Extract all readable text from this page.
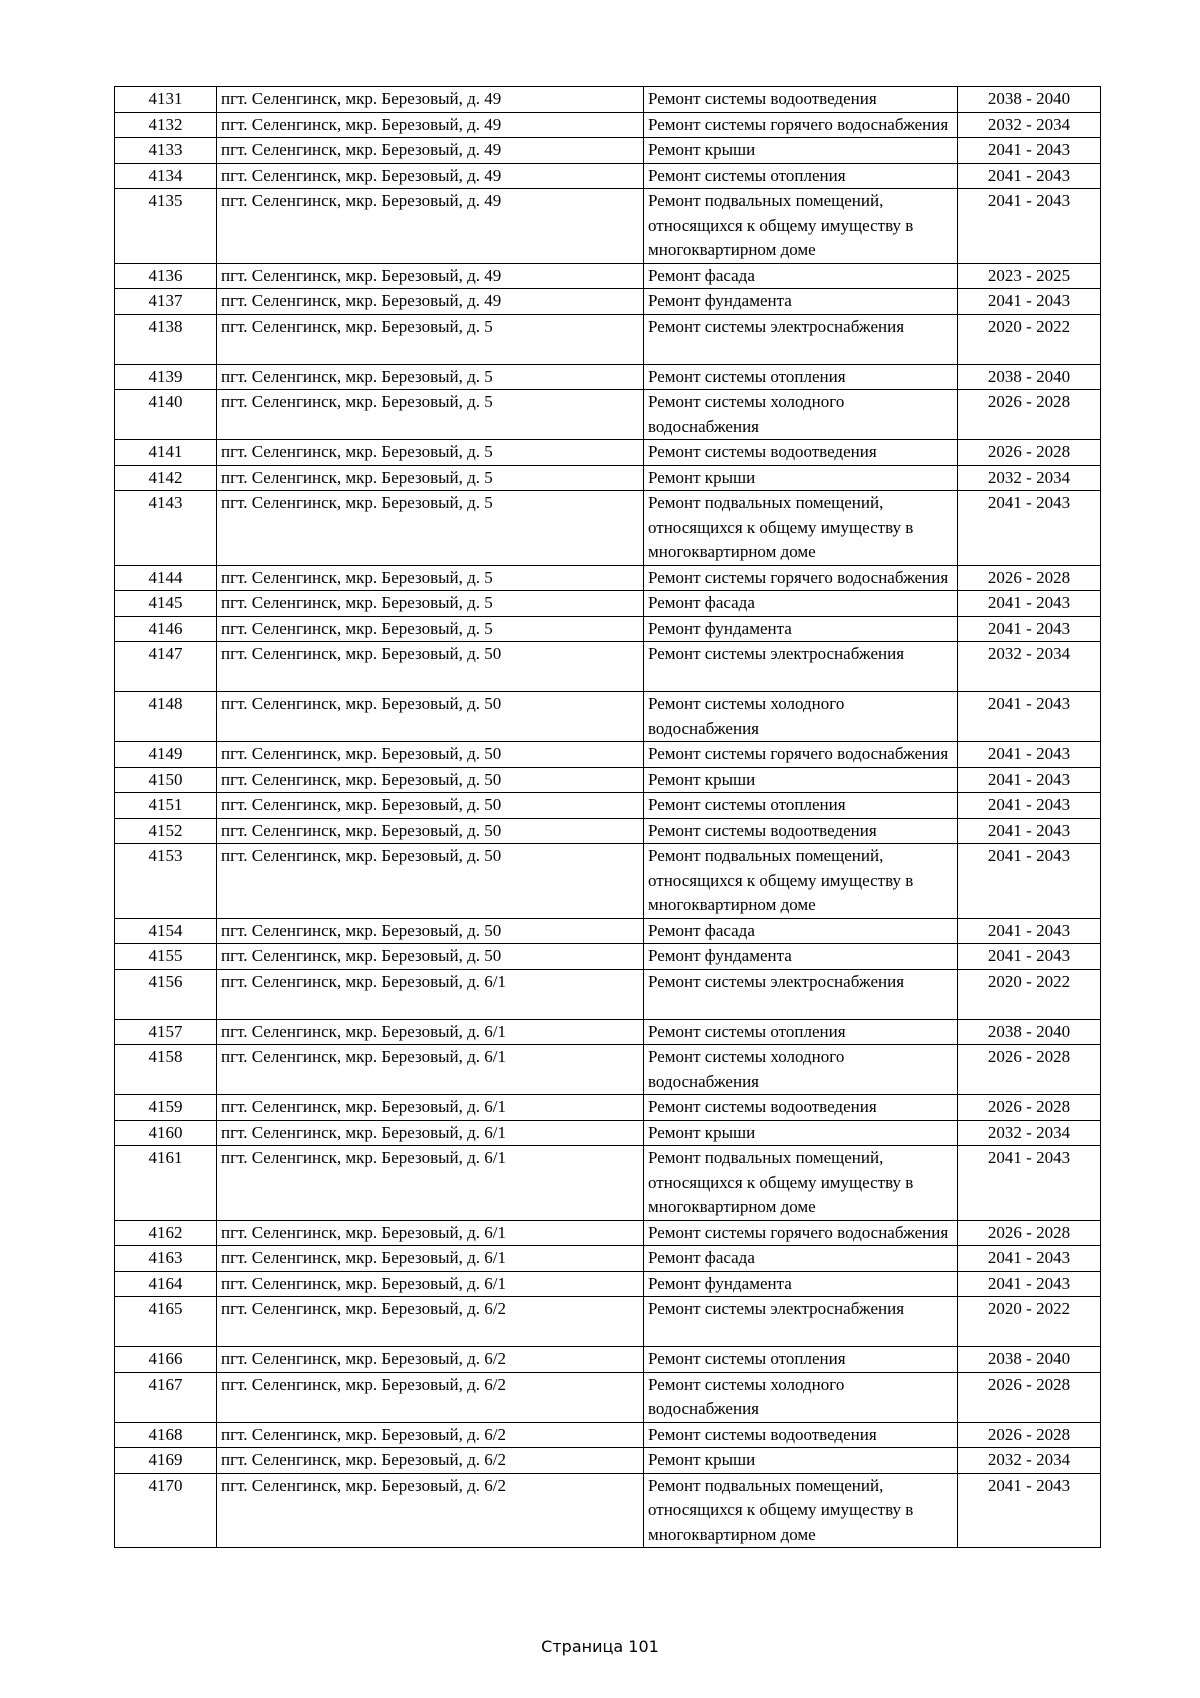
4131	пгт. Селенгинск, мкр. Березовый, д. 49	Ремонт системы водоотведения	2038 - 2040
4132	пгт. Селенгинск, мкр. Березовый, д. 49	Ремонт системы горячего водоснабжения	2032 - 2034
4133	пгт. Селенгинск, мкр. Березовый, д. 49	Ремонт крыши	2041 - 2043
4134	пгт. Селенгинск, мкр. Березовый, д. 49	Ремонт системы отопления	2041 - 2043
4135	пгт. Селенгинск, мкр. Березовый, д. 49	Ремонт подвальных помещений, относящихся к общему имуществу в многоквартирном доме	2041 - 2043
4136	пгт. Селенгинск, мкр. Березовый, д. 49	Ремонт фасада	2023 - 2025
4137	пгт. Селенгинск, мкр. Березовый, д. 49	Ремонт фундамента	2041 - 2043
4138	пгт. Селенгинск, мкр. Березовый, д. 5	Ремонт системы электроснабжения	2020 - 2022
4139	пгт. Селенгинск, мкр. Березовый, д. 5	Ремонт системы отопления	2038 - 2040
4140	пгт. Селенгинск, мкр. Березовый, д. 5	Ремонт системы холодного водоснабжения	2026 - 2028
4141	пгт. Селенгинск, мкр. Березовый, д. 5	Ремонт системы водоотведения	2026 - 2028
4142	пгт. Селенгинск, мкр. Березовый, д. 5	Ремонт крыши	2032 - 2034
4143	пгт. Селенгинск, мкр. Березовый, д. 5	Ремонт подвальных помещений, относящихся к общему имуществу в многоквартирном доме	2041 - 2043
4144	пгт. Селенгинск, мкр. Березовый, д. 5	Ремонт системы горячего водоснабжения	2026 - 2028
4145	пгт. Селенгинск, мкр. Березовый, д. 5	Ремонт фасада	2041 - 2043
4146	пгт. Селенгинск, мкр. Березовый, д. 5	Ремонт фундамента	2041 - 2043
4147	пгт. Селенгинск, мкр. Березовый, д. 50	Ремонт системы электроснабжения	2032 - 2034
4148	пгт. Селенгинск, мкр. Березовый, д. 50	Ремонт системы холодного водоснабжения	2041 - 2043
4149	пгт. Селенгинск, мкр. Березовый, д. 50	Ремонт системы горячего водоснабжения	2041 - 2043
4150	пгт. Селенгинск, мкр. Березовый, д. 50	Ремонт крыши	2041 - 2043
4151	пгт. Селенгинск, мкр. Березовый, д. 50	Ремонт системы отопления	2041 - 2043
4152	пгт. Селенгинск, мкр. Березовый, д. 50	Ремонт системы водоотведения	2041 - 2043
4153	пгт. Селенгинск, мкр. Березовый, д. 50	Ремонт подвальных помещений, относящихся к общему имуществу в многоквартирном доме	2041 - 2043
4154	пгт. Селенгинск, мкр. Березовый, д. 50	Ремонт фасада	2041 - 2043
4155	пгт. Селенгинск, мкр. Березовый, д. 50	Ремонт фундамента	2041 - 2043
4156	пгт. Селенгинск, мкр. Березовый, д. 6/1	Ремонт системы электроснабжения	2020 - 2022
4157	пгт. Селенгинск, мкр. Березовый, д. 6/1	Ремонт системы отопления	2038 - 2040
4158	пгт. Селенгинск, мкр. Березовый, д. 6/1	Ремонт системы холодного водоснабжения	2026 - 2028
4159	пгт. Селенгинск, мкр. Березовый, д. 6/1	Ремонт системы водоотведения	2026 - 2028
4160	пгт. Селенгинск, мкр. Березовый, д. 6/1	Ремонт крыши	2032 - 2034
4161	пгт. Селенгинск, мкр. Березовый, д. 6/1	Ремонт подвальных помещений, относящихся к общему имуществу в многоквартирном доме	2041 - 2043
4162	пгт. Селенгинск, мкр. Березовый, д. 6/1	Ремонт системы горячего водоснабжения	2026 - 2028
4163	пгт. Селенгинск, мкр. Березовый, д. 6/1	Ремонт фасада	2041 - 2043
4164	пгт. Селенгинск, мкр. Березовый, д. 6/1	Ремонт фундамента	2041 - 2043
4165	пгт. Селенгинск, мкр. Березовый, д. 6/2	Ремонт системы электроснабжения	2020 - 2022
4166	пгт. Селенгинск, мкр. Березовый, д. 6/2	Ремонт системы отопления	2038 - 2040
4167	пгт. Селенгинск, мкр. Березовый, д. 6/2	Ремонт системы холодного водоснабжения	2026 - 2028
4168	пгт. Селенгинск, мкр. Березовый, д. 6/2	Ремонт системы водоотведения	2026 - 2028
4169	пгт. Селенгинск, мкр. Березовый, д. 6/2	Ремонт крыши	2032 - 2034
4170	пгт. Селенгинск, мкр. Березовый, д. 6/2	Ремонт подвальных помещений, относящихся к общему имуществу в многоквартирном доме	2041 - 2043
Страница 101
